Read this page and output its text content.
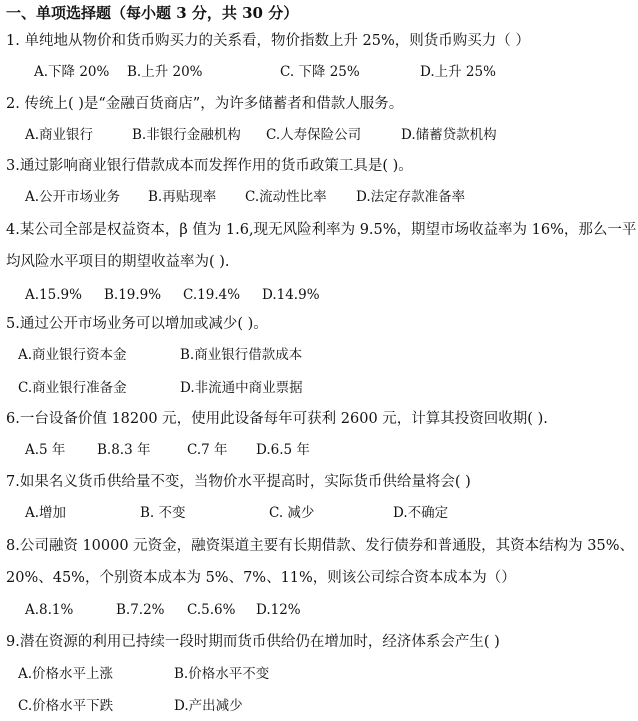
一、单项选择题（每小题 3 分，共 30 分）
1. 单纯地从物价和货币购买力的关系看，物价指数上升 25%，则货币购买力（ ）
A.下降 20% B.上升 20%	C. 下降 25%	D.上升 25%
2. 传统上( )是“金融百货商店”，为许多储蓄者和借款人服务。
A.商业银行	B.非银行金融机构 C.人寿保险公司	D.储蓄贷款机构
3.通过影响商业银行借款成本而发挥作用的货币政策工具是( )。
A.公开市场业务 B.再贴现率 C.流动性比率 D.法定存款准备率
4.某公司全部是权益资本，β 值为 1.6,现无风险利率为 9.5%，期望市场收益率为 16%，那么一平
均风险水平项目的期望收益率为( ).
A.15.9% B.19.9% C.19.4% D.14.9%
5.通过公开市场业务可以增加或减少( )。
A.商业银行资本金	B.商业银行借款成本
C.商业银行准备金	D.非流通中商业票据
6.一台设备价值 18200 元，使用此设备每年可获利 2600 元，计算其投资回收期( ).
A.5 年 B.8.3 年	C.7 年 D.6.5 年
7.如果名义货币供给量不变，当物价水平提高时，实际货币供给量将会( )
A.增加	B. 不变	C. 减少	D.不确定
8.公司融资 10000 元资金，融资渠道主要有长期借款、发行债券和普通股，其资本结构为 35%、
20%、45%，个别资本成本为 5%、7%、11%，则该公司综合资本成本为（）
A.8.1%	B.7.2% C.5.6% D.12%
9.潜在资源的利用已持续一段时期而货币供给仍在增加时，经济体系会产生( )
A.价格水平上涨	B.价格水平不变
C.价格水平下跌	D.产出减少
